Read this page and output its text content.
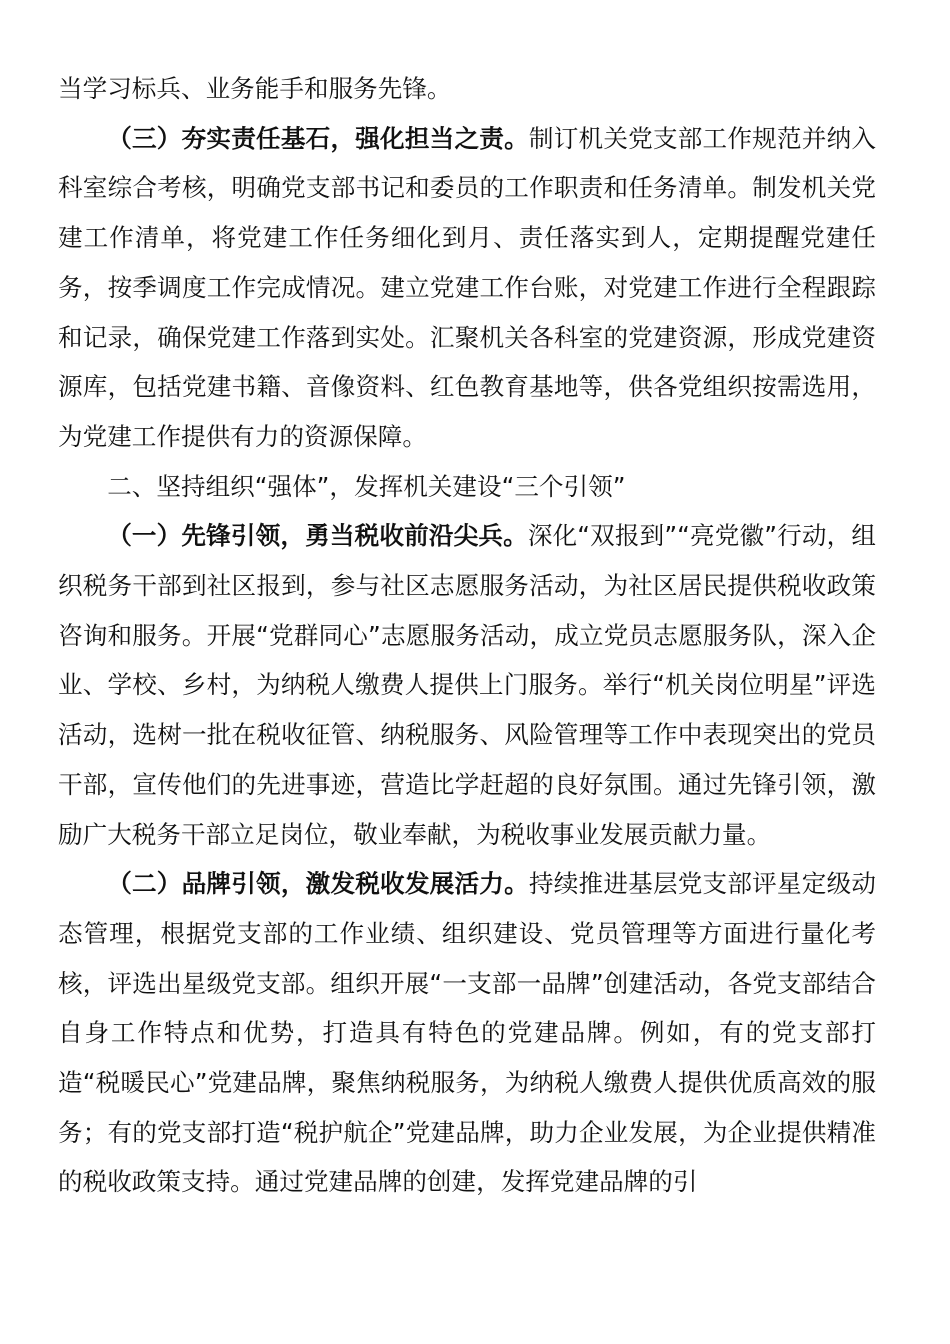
当学习标兵、业务能手和服务先锋。

（三）夯实责任基石，强化担当之责。制订机关党支部工作规范并纳入科室综合考核，明确党支部书记和委员的工作职责和任务清单。制发机关党建工作清单，将党建工作任务细化到月、责任落实到人，定期提醒党建任务，按季调度工作完成情况。建立党建工作台账，对党建工作进行全程跟踪和记录，确保党建工作落到实处。汇聚机关各科室的党建资源，形成党建资源库，包括党建书籍、音像资料、红色教育基地等，供各党组织按需选用，为党建工作提供有力的资源保障。

二、坚持组织“强体”，发挥机关建设“三个引领”

（一）先锋引领，勇当税收前沿尖兵。深化“双报到”“亮党徽”行动，组织税务干部到社区报到，参与社区志愿服务活动，为社区居民提供税收政策咨询和服务。开展“党群同心”志愿服务活动，成立党员志愿服务队，深入企业、学校、乡村，为纳税人缴费人提供上门服务。举行“机关岗位明星”评选活动，选树一批在税收征管、纳税服务、风险管理等工作中表现突出的党员干部，宣传他们的先进事迹，营造比学赶超的良好氛围。通过先锋引领，激励广大税务干部立足岗位，敬业奉献，为税收事业发展贡献力量。

（二）品牌引领，激发税收发展活力。持续推进基层党支部评星定级动态管理，根据党支部的工作业绩、组织建设、党员管理等方面进行量化考核，评选出星级党支部。组织开展“一支部一品牌”创建活动，各党支部结合自身工作特点和优势，打造具有特色的党建品牌。例如，有的党支部打造“税暖民心”党建品牌，聚焦纳税服务，为纳税人缴费人提供优质高效的服务；有的党支部打造“税护航企”党建品牌，助力企业发展，为企业提供精准的税收政策支持。通过党建品牌的创建，发挥党建品牌的引
